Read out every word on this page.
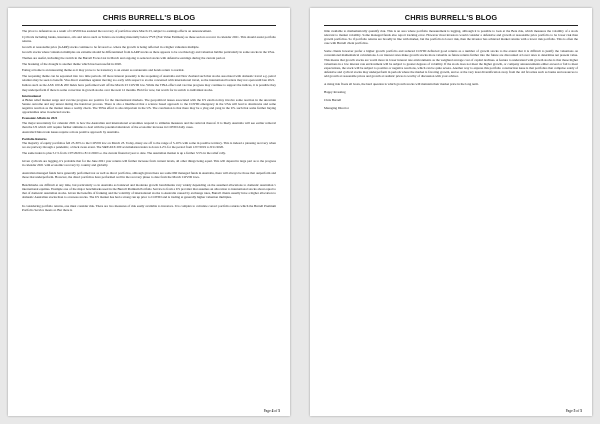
CHRIS BURRELL'S BLOG

The pivot to defensives as a result of COVID has assisted the recovery of portfolios since March 23, subject to earnings effects on announcement.

Cyclicals including banks, insurance, oils and telcos such as Telstra are trading materially below FVE (Fair Value Estimate) as these sectors recover in calendar 2021. This should assist portfolio returns.

Growth at reasonable price (GARP) stocks continue to be favored i.e. where the growth is being reflected in a higher valuation multiple.

Growth stocks where valuation multiples are extreme should be differentiated from GARP stocks as there appears to be a technology and valuation bubble particularly in some stocks in the USA.

Themes are useful, including the switch in the Burrell Focus List in March and ongoing to selected stocks with defensive earnings during the current period.

The breaking of the drought is another theme which has been useful in 2020.

Eating at home is an interesting theme as it may prove to be transitory to an extent as restaurants and hotels return to normal.

The reopening theme can be separated into two time periods. Of more interest presently is the reopening of Australia and New Zealand such that stocks associated with domestic travel e.g. petrol retailers may be seen to benefit. Visa direct examines against moving too early with respect to stocks concerned with international travel, as the international borders may not open until late 2021.

Indices such as the ASX 100 & 200 Index have performed well off the March 23 COVID low. While the TINA effect and vaccine progress may continue to support the indices, it is possible they may underperform if there is some correction in growth stocks over the next 12 months. Hold for now, but watch for in switch to individual stocks.

International

A Biden relief market surge and vaccine progress are positive for the international markets. The geopolitical issues associated with the US election may involve some reaction in the uncertain Senate outcome and any unrest during the handover process. There is also a likelihood that a science based approach to the COVID emergency in the USA will lead to shutdowns and some negative reaction as the market takes a reality check. The TINA effect is also important in the US. The conclusion is that there may be a ying and yang in the US. such that some further buying opportunities arise in selected stocks.

Economic Affairs in 2021

The major uncertainty for calendar 2021 is how the Australian and international economies respond to stimulus measures and the removal thereof. It is likely Australia will see earlier removal than the US which will require further stimulus to deal with the potential shutdown of the economic increase in COVID daily cases.

Australia/China trade issues require a more positive approach by Australia.

Portfolio Returns

The majority of equity portfolios fell 25-30% to the COVID low on March 23. Today, many are off to the range of 5-10% with some in positive territory. This is indeed a pleasing recovery when we are partway through a pandemic, a black swan event. The S&P/ASX 200 accumulation index is down 2.2% for the period from 1/07/2019 to 8/11/2020.

The same index is plus 5.1% from 1/07/2020 to 8/11/2020 i.e. the current financial year to date. The Australian market is up a further 3.5% in the relief rally.

Given cyclicals are lagging, it's probable that for the June 2021 year returns will further increase from current levels, all other things being equal. This will depend in large part as to the progress in calendar 2021 with economic recovery by country and globally.

Australian managed funds have generally performed not as well as direct portfolios, although given there are some 660 managed funds in Australia, there will always be those that outperform and those that underperform. However, the direct portfolios have performed well in the recovery phase to date from the March COVID lows.

Benchmarks are difficult at any time, but particularly so in Australia as balanced and moderate growth benchmarks vary widely depending on the assumed allocations to domestic Australian v international equities. Example one of the major benchmarks used in the Burrell Premium Portfolio Service is from a US provider that assumes an allocation to international stocks about equal to that of domestic Australian stocks. Given the benefits of franking and the volatility of international stocks to Australia caused by exchange rates, Burrell clients usually have a higher allocation to domestic Australian stocks than to overseas stocks. The US market has had a strong run up prior to COVID and is trading at generally higher valuation multiples.

In considering portfolio returns, one must consider risk. There are two measures of risk easily available to investors. It is complex to calculate correct portfolio returns which the Burrell Premium Portfolio Service meets at. But there is

Page 4 of 5
CHRIS BURRELL'S BLOG

little available to mathematically quantify risk. This is an area where portfolio measurement is lagging, although it is possible to look at the Beta risk, which measures the volatility of a stock relevant to market volatility. Some managed funds also report tracking error. However most investors would consider a defensive and growth at reasonable price portfolio to be lower risk than growth portfolios. So if portfolio returns are broadly in line with market, but the portfolio is lower risk, then the investor has achieved market returns with a lower risk portfolio. This is often the case with Burrell client portfolios.

Some clients however prefer a higher growth portfolio and reduced COVID deflected good returns as a number of growth stocks to the extent that it is difficult to justify the valuations on conventional mathematical calculations. Low interest rates make growth stocks more valuable as future returns further into the future are discounted at lower rates to determine net present value. This means that growth stocks are worth more in lower interest rate environments as the weighted average cost of capital declines. A feature to understand with growth stocks is that these higher valuations in a low interest rate environment will be subject to greater degrees of volatility. If the stock does not meet the higher growth, or company announcements either exceed or fail to meet expectations, the stock will be subject to positive or negative reactions, which can be quite severe. Another way to express this portfolio construction issue is that portfolios that comprise solely of defensive and cyclical stocks may underperform in periods where the market is favoring growth, and so at the very least diversification away from the old favorites such as banks and resources to add growth at reasonable prices and growth at realistic prices is worthy of discussion with your advisor.

A rising tide floats all boats, the hard question is which growth stocks will maintain their market price in the long term.

Happy Investing

Chris Burrell

Managing Director

Page 5 of 5
